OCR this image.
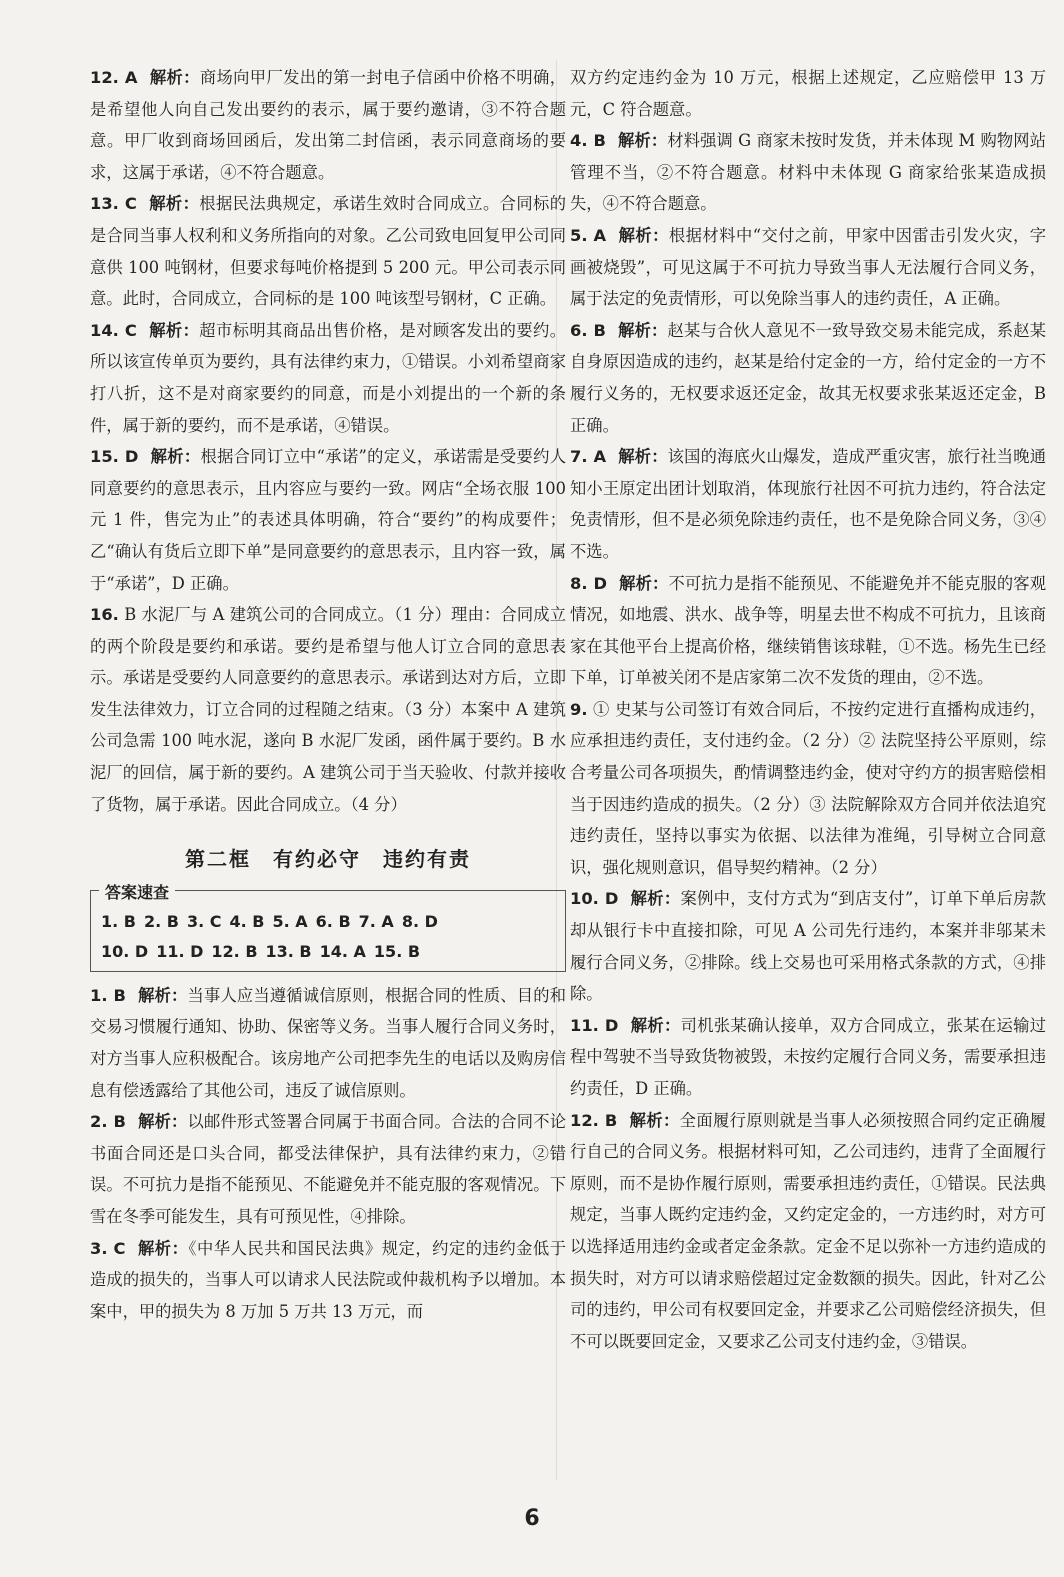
12. A 解析：商场向甲厂发出的第一封电子信函中价格不明确，是希望他人向自己发出要约的表示，属于要约邀请，③不符合题意。甲厂收到商场回函后，发出第二封信函，表示同意商场的要求，这属于承诺，④不符合题意。

13. C 解析：根据民法典规定，承诺生效时合同成立。合同标的是合同当事人权利和义务所指向的对象。乙公司致电回复甲公司同意供 100 吨钢材，但要求每吨价格提到 5 200 元。甲公司表示同意。此时，合同成立，合同标的是 100 吨该型号钢材，C 正确。

14. C 解析：超市标明其商品出售价格，是对顾客发出的要约。所以该宣传单页为要约，具有法律约束力，①错误。小刘希望商家打八折，这不是对商家要约的同意，而是小刘提出的一个新的条件，属于新的要约，而不是承诺，④错误。

15. D 解析：根据合同订立中“承诺”的定义，承诺需是受要约人同意要约的意思表示，且内容应与要约一致。网店“全场衣服 100 元 1 件，售完为止”的表述具体明确，符合“要约”的构成要件；乙“确认有货后立即下单”是同意要约的意思表示，且内容一致，属于“承诺”，D 正确。

16. B 水泥厂与 A 建筑公司的合同成立。（1 分）理由：合同成立的两个阶段是要约和承诺。要约是希望与他人订立合同的意思表示。承诺是受要约人同意要约的意思表示。承诺到达对方后，立即发生法律效力，订立合同的过程随之结束。（3 分）本案中 A 建筑公司急需 100 吨水泥，遂向 B 水泥厂发函，函件属于要约。B 水泥厂的回信，属于新的要约。A 建筑公司于当天验收、付款并接收了货物，属于承诺。因此合同成立。（4 分）

第二框　有约必守　违约有责
答案速查
1. B 2. B 3. C 4. B 5. A 6. B 7. A 8. D
10. D 11. D 12. B 13. B 14. A 15. B

1. B 解析：当事人应当遵循诚信原则，根据合同的性质、目的和交易习惯履行通知、协助、保密等义务。当事人履行合同义务时，对方当事人应积极配合。该房地产公司把李先生的电话以及购房信息有偿透露给了其他公司，违反了诚信原则。

2. B 解析：以邮件形式签署合同属于书面合同。合法的合同不论书面合同还是口头合同，都受法律保护，具有法律约束力，②错误。不可抗力是指不能预见、不能避免并不能克服的客观情况。下雪在冬季可能发生，具有可预见性，④排除。

3. C 解析：《中华人民共和国民法典》规定，约定的违约金低于造成的损失的，当事人可以请求人民法院或仲裁机构予以增加。本案中，甲的损失为 8 万加 5 万共 13 万元，而

双方约定违约金为 10 万元，根据上述规定，乙应赔偿甲 13 万元，C 符合题意。

4. B 解析：材料强调 G 商家未按时发货，并未体现 M 购物网站管理不当，②不符合题意。材料中未体现 G 商家给张某造成损失，④不符合题意。

5. A 解析：根据材料中“交付之前，甲家中因雷击引发火灾，字画被烧毁”，可见这属于不可抗力导致当事人无法履行合同义务，属于法定的免责情形，可以免除当事人的违约责任，A 正确。

6. B 解析：赵某与合伙人意见不一致导致交易未能完成，系赵某自身原因造成的违约，赵某是给付定金的一方，给付定金的一方不履行义务的，无权要求返还定金，故其无权要求张某返还定金，B 正确。

7. A 解析：该国的海底火山爆发，造成严重灾害，旅行社当晚通知小王原定出团计划取消，体现旅行社因不可抗力违约，符合法定免责情形，但不是必须免除违约责任，也不是免除合同义务，③④不选。

8. D 解析：不可抗力是指不能预见、不能避免并不能克服的客观情况，如地震、洪水、战争等，明星去世不构成不可抗力，且该商家在其他平台上提高价格，继续销售该球鞋，①不选。杨先生已经下单，订单被关闭不是店家第二次不发货的理由，②不选。

9. ① 史某与公司签订有效合同后，不按约定进行直播构成违约，应承担违约责任，支付违约金。（2 分）② 法院坚持公平原则，综合考量公司各项损失，酌情调整违约金，使对守约方的损害赔偿相当于因违约造成的损失。（2 分）③ 法院解除双方合同并依法追究违约责任，坚持以事实为依据、以法律为准绳，引导树立合同意识，强化规则意识，倡导契约精神。（2 分）

10. D 解析：案例中，支付方式为“到店支付”，订单下单后房款却从银行卡中直接扣除，可见 A 公司先行违约，本案并非邬某未履行合同义务，②排除。线上交易也可采用格式条款的方式，④排除。

11. D 解析：司机张某确认接单，双方合同成立，张某在运输过程中驾驶不当导致货物被毁，未按约定履行合同义务，需要承担违约责任，D 正确。

12. B 解析：全面履行原则就是当事人必须按照合同约定正确履行自己的合同义务。根据材料可知，乙公司违约，违背了全面履行原则，而不是协作履行原则，需要承担违约责任，①错误。民法典规定，当事人既约定违约金，又约定定金的，一方违约时，对方可以选择适用违约金或者定金条款。定金不足以弥补一方违约造成的损失时，对方可以请求赔偿超过定金数额的损失。因此，针对乙公司的违约，甲公司有权要回定金，并要求乙公司赔偿经济损失，但不可以既要回定金，又要求乙公司支付违约金，③错误。

6
